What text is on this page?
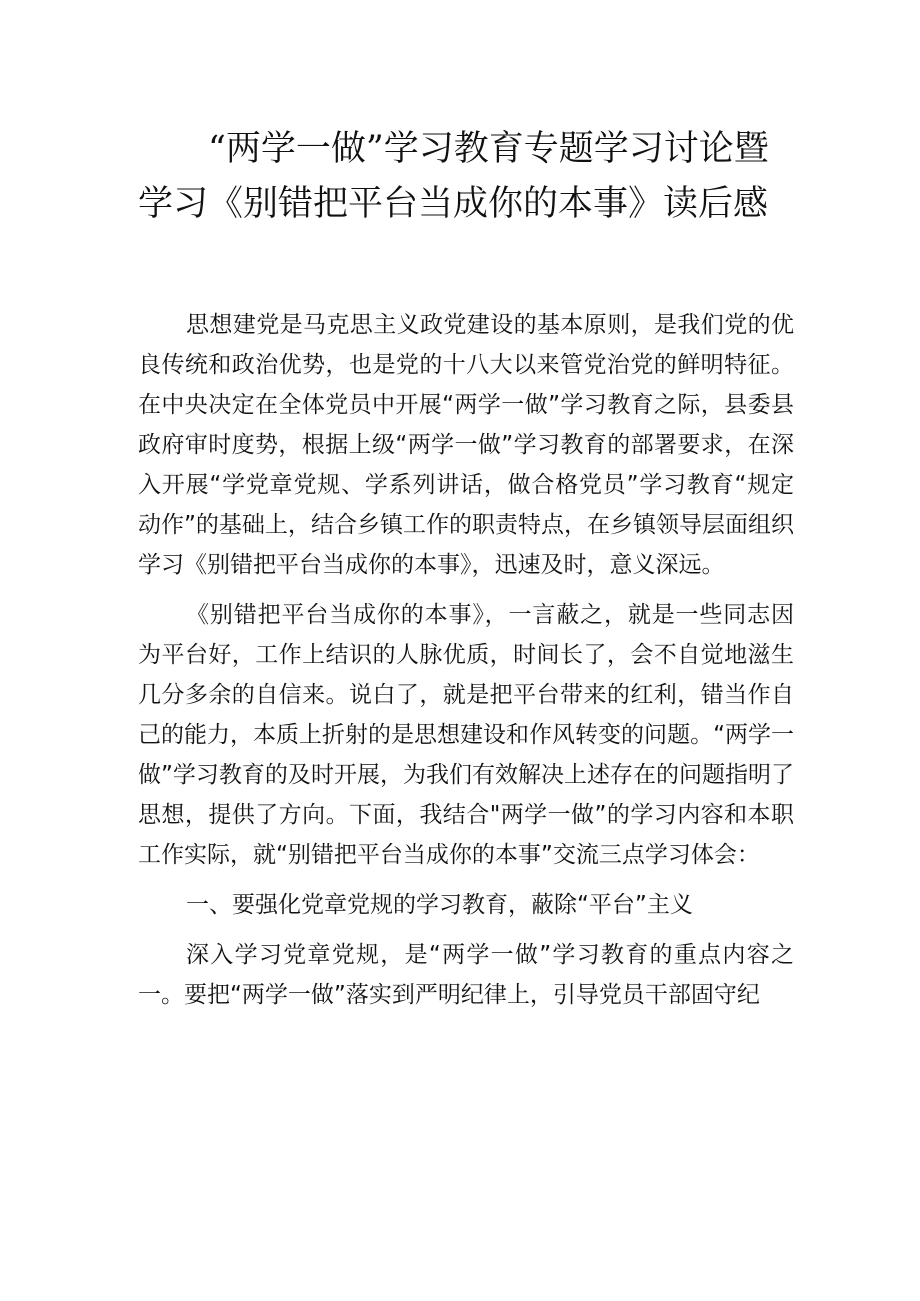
“两学一做”学习教育专题学习讨论暨学习《别错把平台当成你的本事》读后感

思想建党是马克思主义政党建设的基本原则，是我们党的优良传统和政治优势，也是党的十八大以来管党治党的鲜明特征。在中央决定在全体党员中开展“两学一做”学习教育之际，县委县政府审时度势，根据上级“两学一做”学习教育的部署要求，在深入开展“学党章党规、学系列讲话，做合格党员”学习教育“规定动作”的基础上，结合乡镇工作的职责特点，在乡镇领导层面组织学习《别错把平台当成你的本事》，迅速及时，意义深远。

《别错把平台当成你的本事》，一言蔽之，就是一些同志因为平台好，工作上结识的人脉优质，时间长了，会不自觉地滋生几分多余的自信来。说白了，就是把平台带来的红利，错当作自己的能力，本质上折射的是思想建设和作风转变的问题。“两学一做”学习教育的及时开展，为我们有效解决上述存在的问题指明了思想，提供了方向。下面，我结合"两学一做”的学习内容和本职工作实际，就“别错把平台当成你的本事”交流三点学习体会：

一、要强化党章党规的学习教育，蔽除“平台”主义

深入学习党章党规，是“两学一做”学习教育的重点内容之一。要把“两学一做”落实到严明纪律上，引导党员干部固守纪
